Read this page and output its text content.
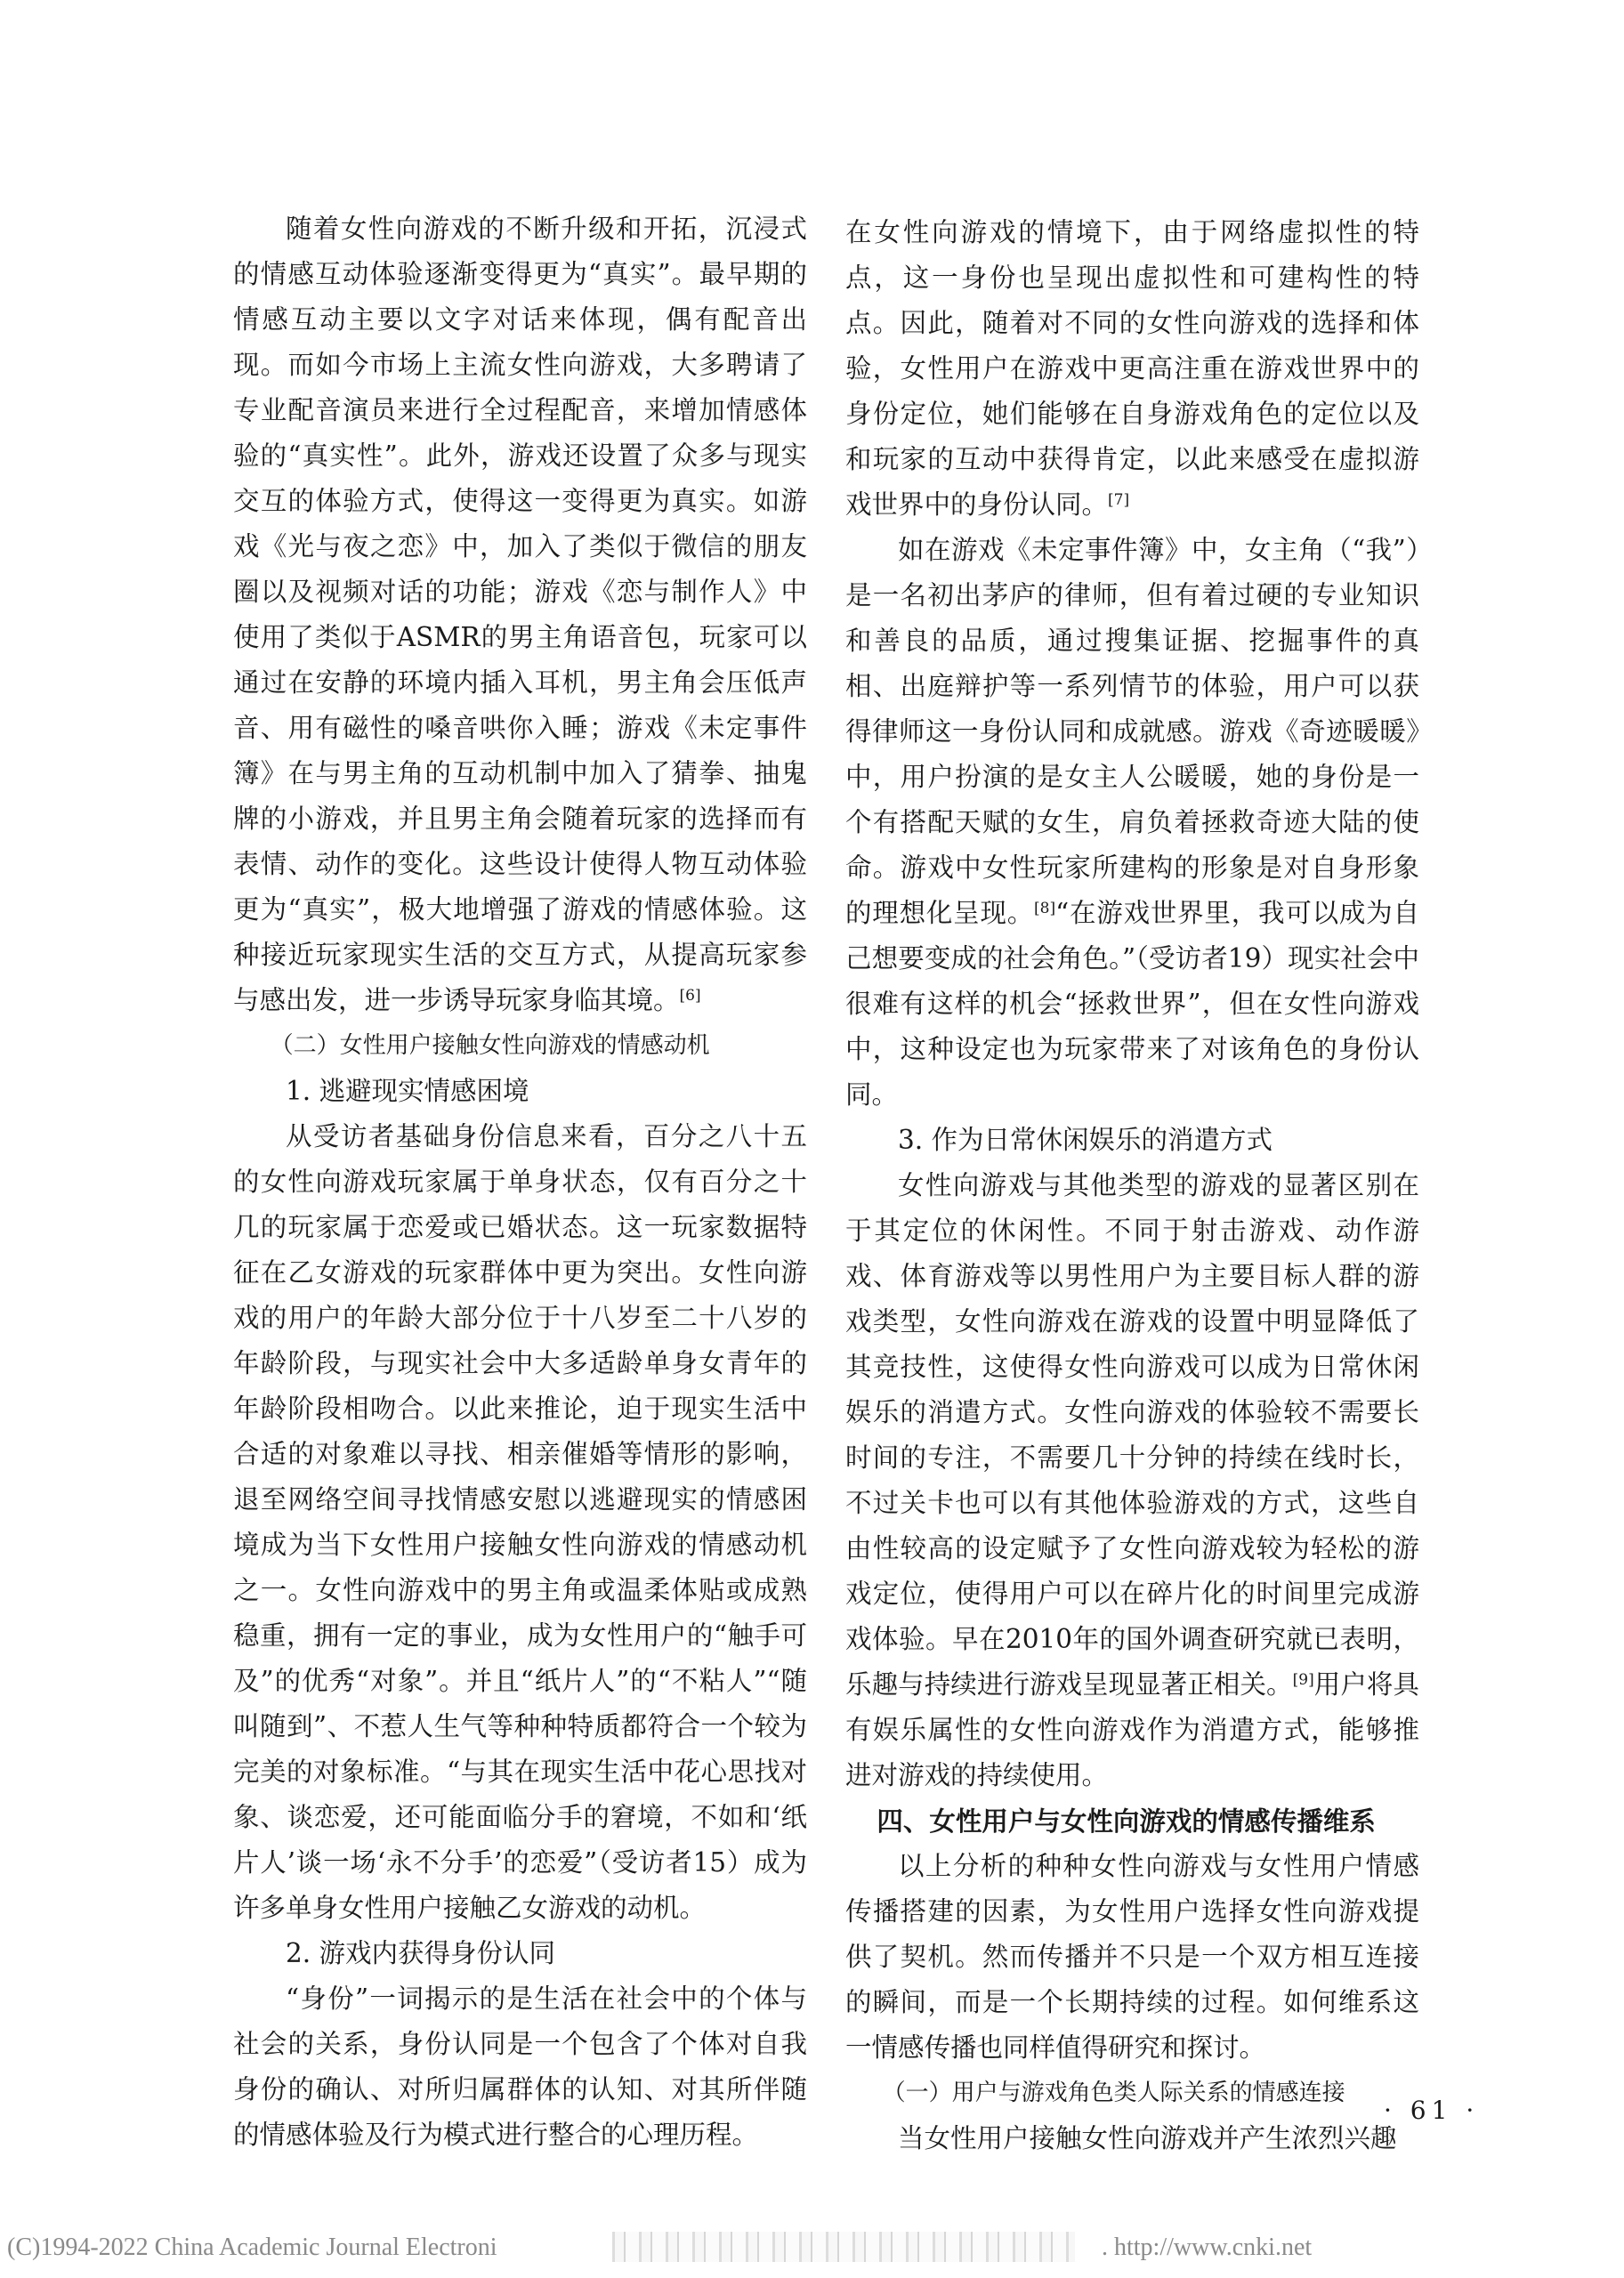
随着女性向游戏的不断升级和开拓，沉浸式的情感互动体验逐渐变得更为“真实”。最早期的情感互动主要以文字对话来体现，偶有配音出现。而如今市场上主流女性向游戏，大多聘请了专业配音演员来进行全过程配音，来增加情感体验的“真实性”。此外，游戏还设置了众多与现实交互的体验方式，使得这一变得更为真实。如游戏《光与夜之恋》中，加入了类似于微信的朋友圈以及视频对话的功能；游戏《恋与制作人》中使用了类似于ASMR的男主角语音包，玩家可以通过在安静的环境内插入耳机，男主角会压低声音、用有磁性的嗓音哄你入睡；游戏《未定事件簿》在与男主角的互动机制中加入了猜拳、抽鬼牌的小游戏，并且男主角会随着玩家的选择而有表情、动作的变化。这些设计使得人物互动体验更为“真实”，极大地增强了游戏的情感体验。这种接近玩家现实生活的交互方式，从提高玩家参与感出发，进一步诱导玩家身临其境。[6]

（二）女性用户接触女性向游戏的情感动机
1. 逃避现实情感困境

从受访者基础身份信息来看，百分之八十五的女性向游戏玩家属于单身状态，仅有百分之十几的玩家属于恋爱或已婚状态。这一玩家数据特征在乙女游戏的玩家群体中更为突出。女性向游戏的用户的年龄大部分位于十八岁至二十八岁的年龄阶段，与现实社会中大多适龄单身女青年的年龄阶段相吻合。以此来推论，迫于现实生活中合适的对象难以寻找、相亲催婚等情形的影响，退至网络空间寻找情感安慰以逃避现实的情感困境成为当下女性用户接触女性向游戏的情感动机之一。女性向游戏中的男主角或温柔体贴或成熟稳重，拥有一定的事业，成为女性用户的“触手可及”的优秀“对象”。并且“纸片人”的“不粘人”“随叫随到”、不惹人生气等种种特质都符合一个较为完美的对象标准。“与其在现实生活中花心思找对象、谈恋爱，还可能面临分手的窘境，不如和‘纸片人’谈一场‘永不分手’的恋爱”（受访者15）成为许多单身女性用户接触乙女游戏的动机。

2. 游戏内获得身份认同

“身份”一词揭示的是生活在社会中的个体与社会的关系，身份认同是一个包含了个体对自我身份的确认、对所归属群体的认知、对其所伴随的情感体验及行为模式进行整合的心理历程。

在女性向游戏的情境下，由于网络虚拟性的特点，这一身份也呈现出虚拟性和可建构性的特点。因此，随着对不同的女性向游戏的选择和体验，女性用户在游戏中更高注重在游戏世界中的身份定位，她们能够在自身游戏角色的定位以及和玩家的互动中获得肯定，以此来感受在虚拟游戏世界中的身份认同。[7]

如在游戏《未定事件簿》中，女主角（“我”）是一名初出茅庐的律师，但有着过硬的专业知识和善良的品质，通过搜集证据、挖掘事件的真相、出庭辩护等一系列情节的体验，用户可以获得律师这一身份认同和成就感。游戏《奇迹暖暖》中，用户扮演的是女主人公暖暖，她的身份是一个有搭配天赋的女生，肩负着拯救奇迹大陆的使命。游戏中女性玩家所建构的形象是对自身形象的理想化呈现。[8]“在游戏世界里，我可以成为自己想要变成的社会角色。”（受访者19）现实社会中很难有这样的机会“拯救世界”，但在女性向游戏中，这种设定也为玩家带来了对该角色的身份认同。

3. 作为日常休闲娱乐的消遣方式

女性向游戏与其他类型的游戏的显著区别在于其定位的休闲性。不同于射击游戏、动作游戏、体育游戏等以男性用户为主要目标人群的游戏类型，女性向游戏在游戏的设置中明显降低了其竞技性，这使得女性向游戏可以成为日常休闲娱乐的消遣方式。女性向游戏的体验较不需要长时间的专注，不需要几十分钟的持续在线时长，不过关卡也可以有其他体验游戏的方式，这些自由性较高的设定赋予了女性向游戏较为轻松的游戏定位，使得用户可以在碎片化的时间里完成游戏体验。早在2010年的国外调查研究就已表明，乐趣与持续进行游戏呈现显著正相关。[9]用户将具有娱乐属性的女性向游戏作为消遣方式，能够推进对游戏的持续使用。

四、女性用户与女性向游戏的情感传播维系

以上分析的种种女性向游戏与女性用户情感传播搭建的因素，为女性用户选择女性向游戏提供了契机。然而传播并不只是一个双方相互连接的瞬间，而是一个长期持续的过程。如何维系这一情感传播也同样值得研究和探讨。

（一）用户与游戏角色类人际关系的情感连接

当女性用户接触女性向游戏并产生浓烈兴趣

· 61 ·
(C)1994-2022 China Academic Journal Electroni	. http://www.cnki.net
